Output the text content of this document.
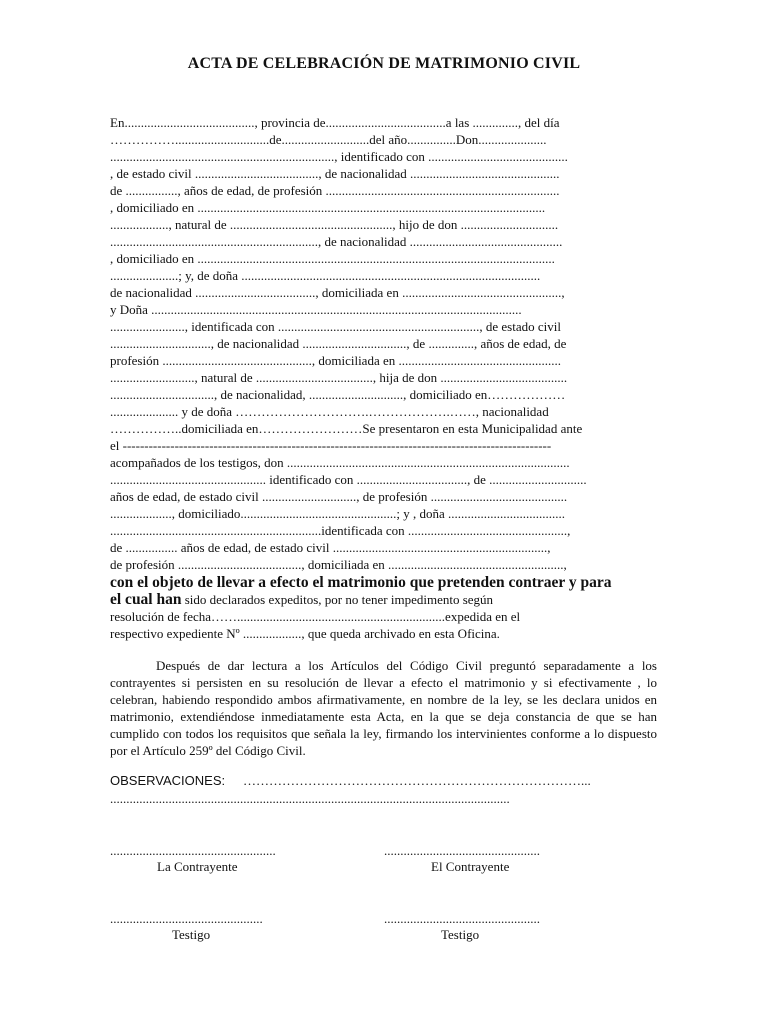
ACTA DE CELEBRACIÓN DE MATRIMONIO CIVIL
En........................................, provincia de.....................................a las .............., del día
…………….............................de...........................del año...............Don.....................
....................................................................., identificado con ...........................................
, de estado civil ......................................, de nacionalidad ..............................................
de ................, años de edad, de profesión ........................................................................
, domiciliado en ...........................................................................................................
.................., natural de .................................................., hijo de don ..............................
................................................................, de nacionalidad ...............................................
, domiciliado en ..............................................................................................................
.....................; y, de doña ............................................................................................
de nacionalidad ....................................., domiciliada en .................................................,
y Doña ..................................................................................................................
......................., identificada con .............................................................., de estado civil
..............................., de nacionalidad ................................, de .............., años de edad, de
profesión .............................................., domiciliada en ..................................................
.........................., natural de ...................................., hija de don .......................................
................................, de nacionalidad, ............................., domiciliado en………………
..................... y de doña ………………………….……………….……, nacionalidad
……………..domiciliada en……………………Se presentaron en esta Municipalidad ante
el ---------------------------------------------------------------------------------------------------
acompañados de los testigos, don .......................................................................................
................................................ identificado con .................................., de ..............................
años de edad, de estado civil ............................., de profesión ..........................................
..................., domiciliado................................................; y , doña ....................................
.................................................................identificada con .................................................,
de ................ años de edad, de estado civil ..................................................................,
de profesión ......................................, domiciliada en ......................................................,
con el objeto de llevar a efecto el matrimonio que pretenden contraer y para
el cual han sido declarados expeditos, por no tener impedimento según
resolución de fecha……................................................................expedida en el
respectivo expediente Nº .................., que queda archivado en esta Oficina.
Después de dar lectura a los Artículos del Código Civil preguntó separadamente a los contrayentes si persisten en su resolución de llevar a efecto el matrimonio y si efectivamente , lo celebran, habiendo respondido ambos afirmativamente, en nombre de la ley, se les declara unidos en matrimonio, extendiéndose inmediatamente esta Acta, en la que se deja constancia de que se han cumplido con todos los requisitos que señala la ley, firmando los intervinientes conforme a lo dispuesto por el Artículo 259º del Código Civil.
OBSERVACIONES: ……………………………………………………………………...
...........................................................................................................................
...................................................	................................................
La Contrayente	El Contrayente
...............................................	................................................
Testigo	Testigo
